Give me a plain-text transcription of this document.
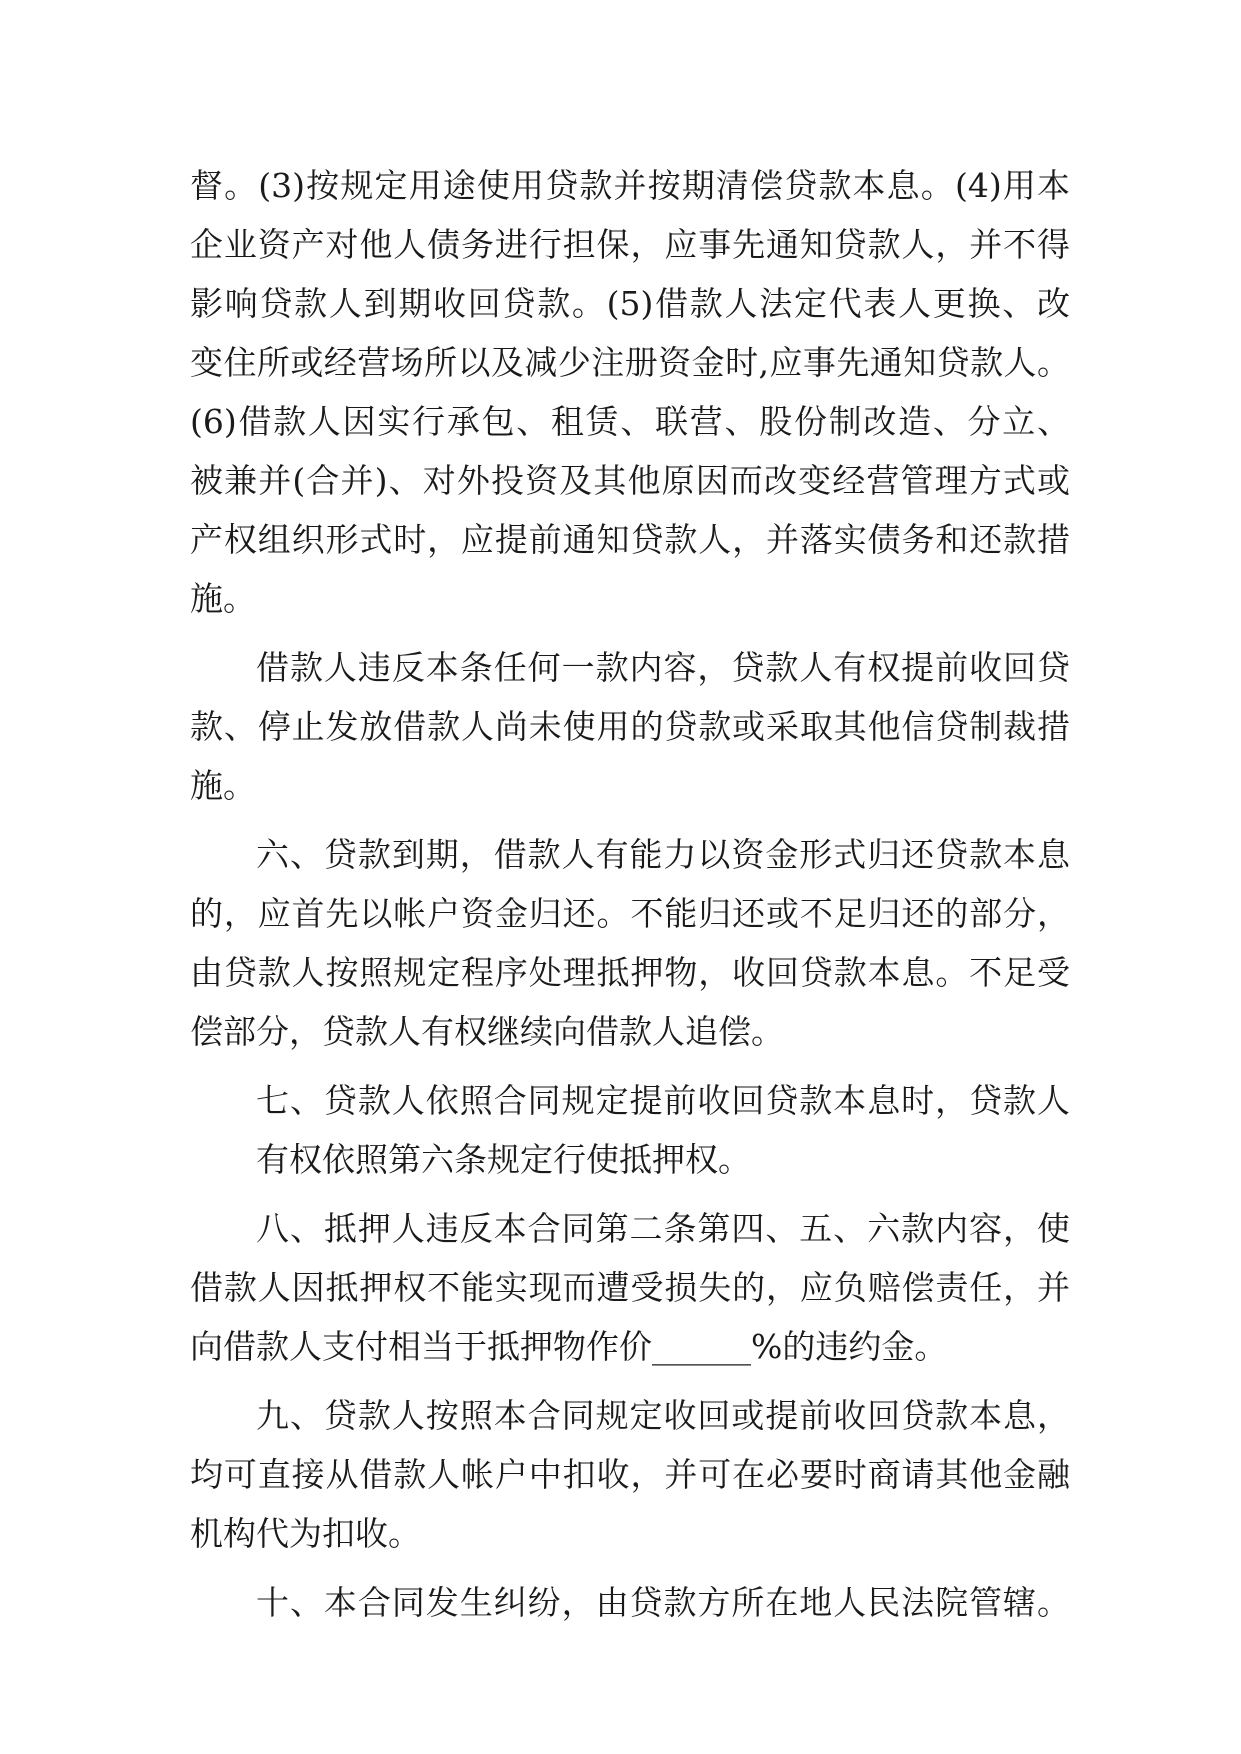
督。(3)按规定用途使用贷款并按期清偿贷款本息。(4)用本
企业资产对他人债务进行担保，应事先通知贷款人，并不得
影响贷款人到期收回贷款。(5)借款人法定代表人更换、改
变住所或经营场所以及减少注册资金时,应事先通知贷款人。
(6)借款人因实行承包、租赁、联营、股份制改造、分立、
被兼并(合并)、对外投资及其他原因而改变经营管理方式或
产权组织形式时，应提前通知贷款人，并落实债务和还款措
施。
借款人违反本条任何一款内容，贷款人有权提前收回贷
款、停止发放借款人尚未使用的贷款或采取其他信贷制裁措
施。
六、贷款到期，借款人有能力以资金形式归还贷款本息
的，应首先以帐户资金归还。不能归还或不足归还的部分，
由贷款人按照规定程序处理抵押物，收回贷款本息。不足受
偿部分，贷款人有权继续向借款人追偿。
七、贷款人依照合同规定提前收回贷款本息时，贷款人
有权依照第六条规定行使抵押权。
八、抵押人违反本合同第二条第四、五、六款内容，使
借款人因抵押权不能实现而遭受损失的，应负赔偿责任，并
向借款人支付相当于抵押物作价______%的违约金。
九、贷款人按照本合同规定收回或提前收回贷款本息，
均可直接从借款人帐户中扣收，并可在必要时商请其他金融
机构代为扣收。
十、本合同发生纠纷，由贷款方所在地人民法院管辖。
